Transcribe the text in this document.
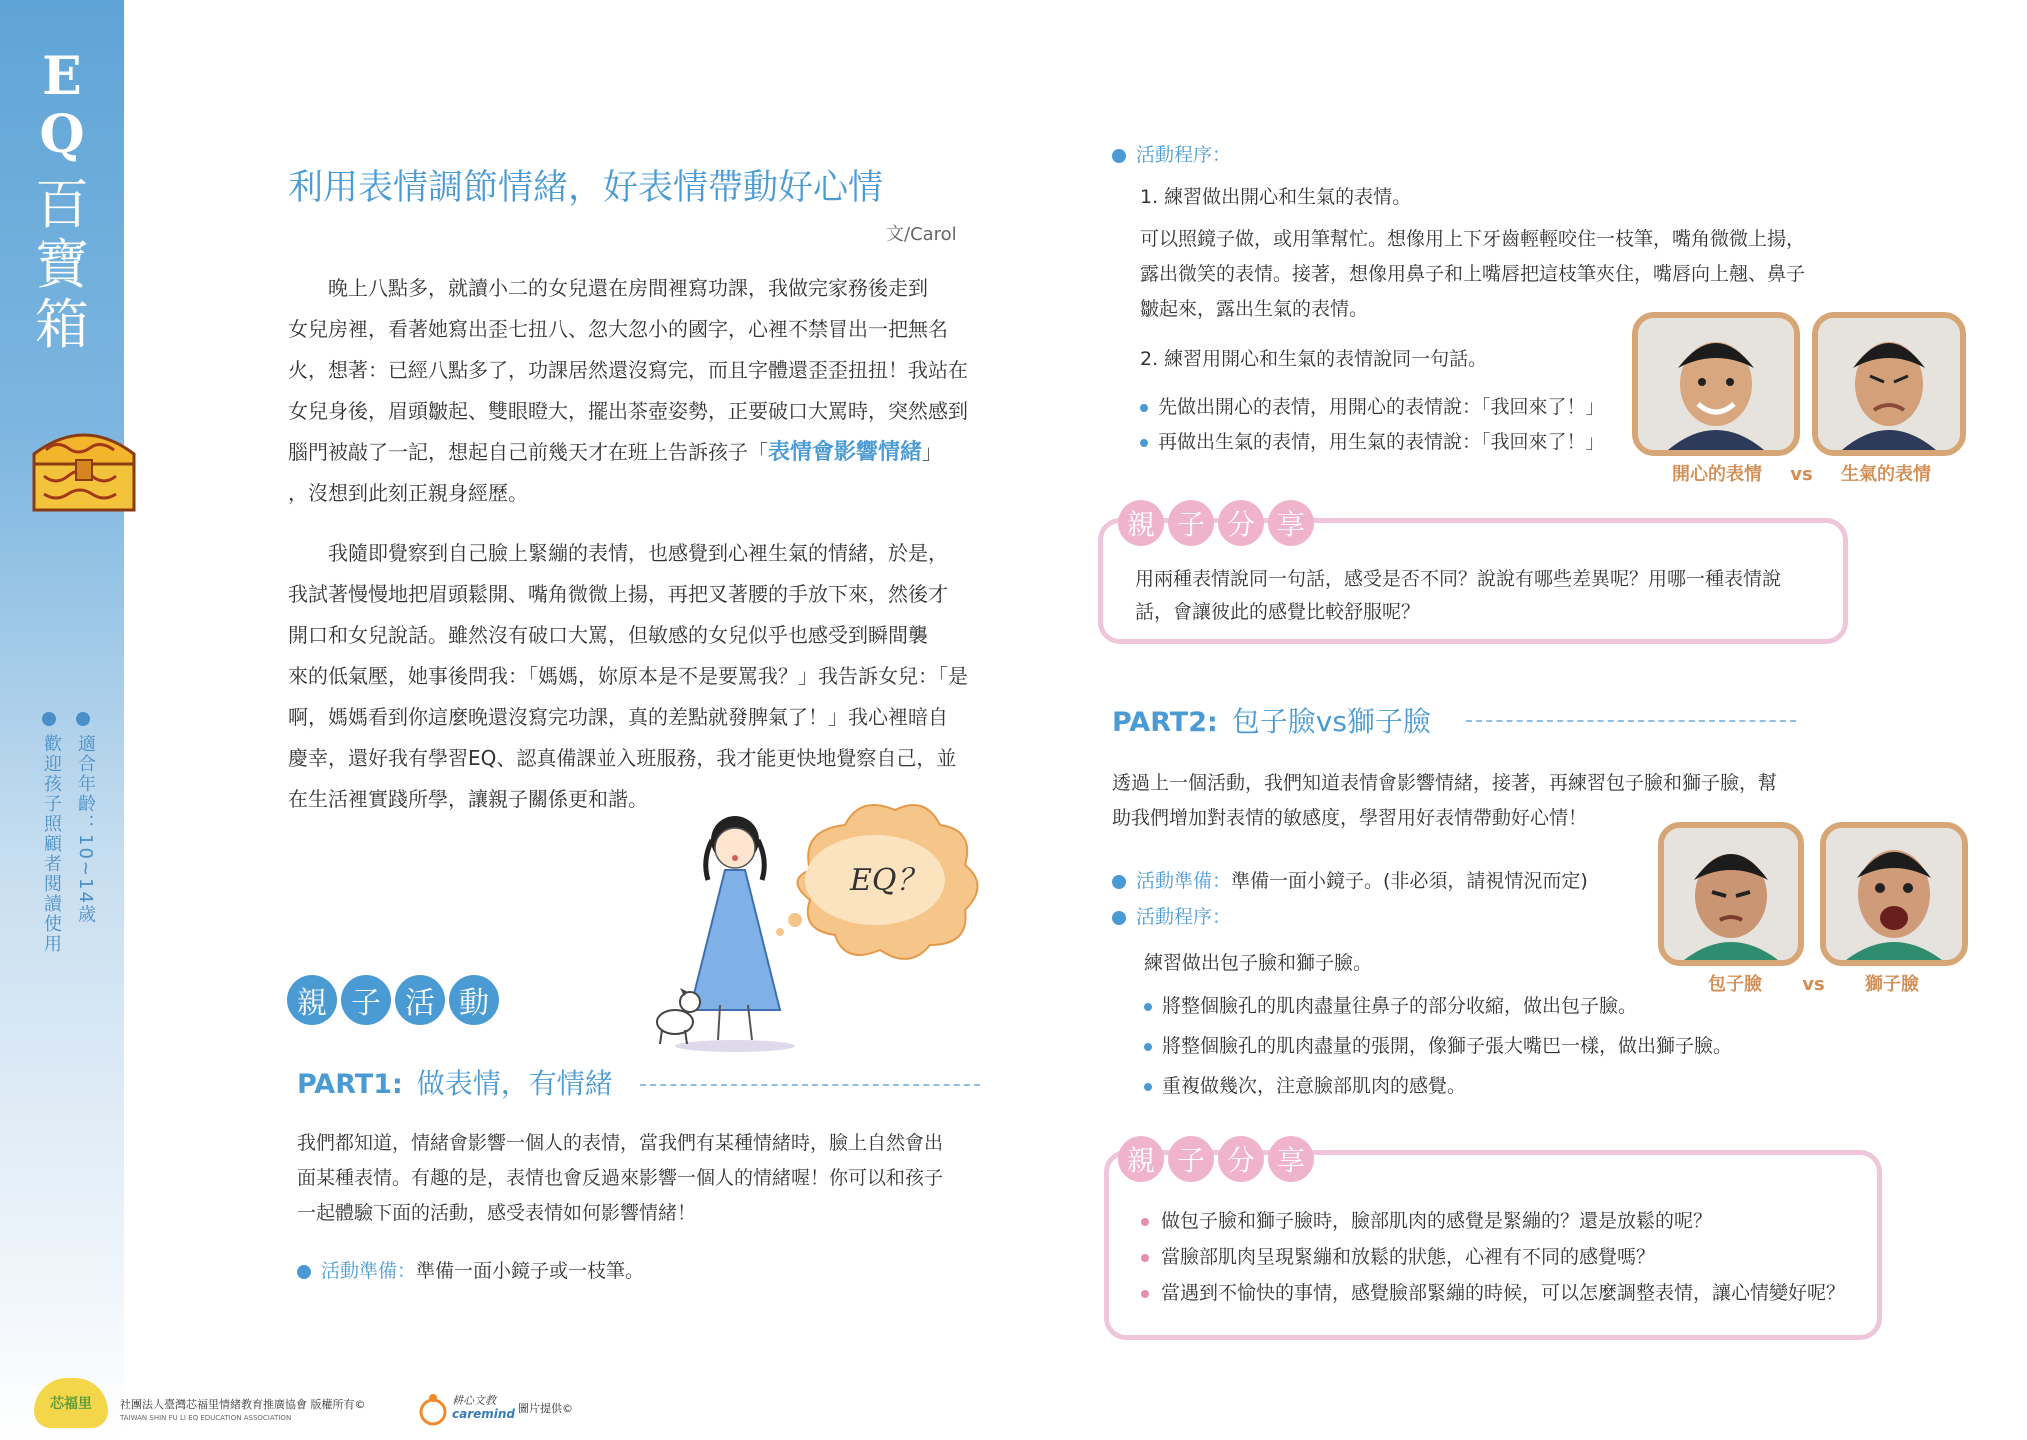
E
Q
百
寶
箱
適合年齡：10~14歲
歡迎孩子照顧者閱讀使用
利用表情調節情緒，好表情帶動好心情
文/Carol
　　晚上八點多，就讀小二的女兒還在房間裡寫功課，我做完家務後走到
女兒房裡，看著她寫出歪七扭八、忽大忽小的國字，心裡不禁冒出一把無名
火，想著：已經八點多了，功課居然還沒寫完，而且字體還歪歪扭扭！我站在
女兒身後，眉頭皺起、雙眼瞪大，擺出茶壺姿勢，正要破口大罵時，突然感到
腦門被敲了一記，想起自己前幾天才在班上告訴孩子「表情會影響情緒」
，沒想到此刻正親身經歷。
　　我隨即覺察到自己臉上緊繃的表情，也感覺到心裡生氣的情緒，於是，
我試著慢慢地把眉頭鬆開、嘴角微微上揚，再把叉著腰的手放下來，然後才
開口和女兒說話。雖然沒有破口大罵，但敏感的女兒似乎也感受到瞬間襲
來的低氣壓，她事後問我：「媽媽，妳原本是不是要罵我？」我告訴女兒：「是
啊，媽媽看到你這麼晚還沒寫完功課，真的差點就發脾氣了！」我心裡暗自
慶幸，還好我有學習EQ、認真備課並入班服務，我才能更快地覺察自己，並
在生活裡實踐所學，讓親子關係更和諧。
EQ？
親 子 活 動
PART1: 做表情，有情緒
我們都知道，情緒會影響一個人的表情，當我們有某種情緒時，臉上自然會出
面某種表情。有趣的是，表情也會反過來影響一個人的情緒喔！你可以和孩子
一起體驗下面的活動，感受表情如何影響情緒！
活動準備：準備一面小鏡子或一枝筆。
活動程序：
1. 練習做出開心和生氣的表情。
可以照鏡子做，或用筆幫忙。想像用上下牙齒輕輕咬住一枝筆，嘴角微微上揚，
露出微笑的表情。接著，想像用鼻子和上嘴唇把這枝筆夾住，嘴唇向上翹、鼻子
皺起來，露出生氣的表情。
2. 練習用開心和生氣的表情說同一句話。
先做出開心的表情，用開心的表情說：「我回來了！」
再做出生氣的表情，用生氣的表情說：「我回來了！」
開心的表情 vs 生氣的表情
用兩種表情說同一句話，感受是否不同？說說有哪些差異呢？用哪一種表情說
話，會讓彼此的感覺比較舒服呢？
親 子 分 享
PART2: 包子臉vs獅子臉
透過上一個活動，我們知道表情會影響情緒，接著，再練習包子臉和獅子臉，幫
助我們增加對表情的敏感度，學習用好表情帶動好心情！
活動準備：準備一面小鏡子。(非必須，請視情況而定)
活動程序：
練習做出包子臉和獅子臉。
將整個臉孔的肌肉盡量往鼻子的部分收縮，做出包子臉。
將整個臉孔的肌肉盡量的張開，像獅子張大嘴巴一樣，做出獅子臉。
重複做幾次，注意臉部肌肉的感覺。
包子臉 vs 獅子臉
做包子臉和獅子臉時，臉部肌肉的感覺是緊繃的？還是放鬆的呢？
當臉部肌肉呈現緊繃和放鬆的狀態，心裡有不同的感覺嗎？
當遇到不愉快的事情，感覺臉部緊繃的時候，可以怎麼調整表情，讓心情變好呢？
親 子 分 享
芯福里	社團法人臺灣芯福里情緒教育推廣協會 版權所有©
TAIWAN SHIN FU LI EQ EDUCATION ASSOCIATION
耕心文教
caremind 圖片提供©
